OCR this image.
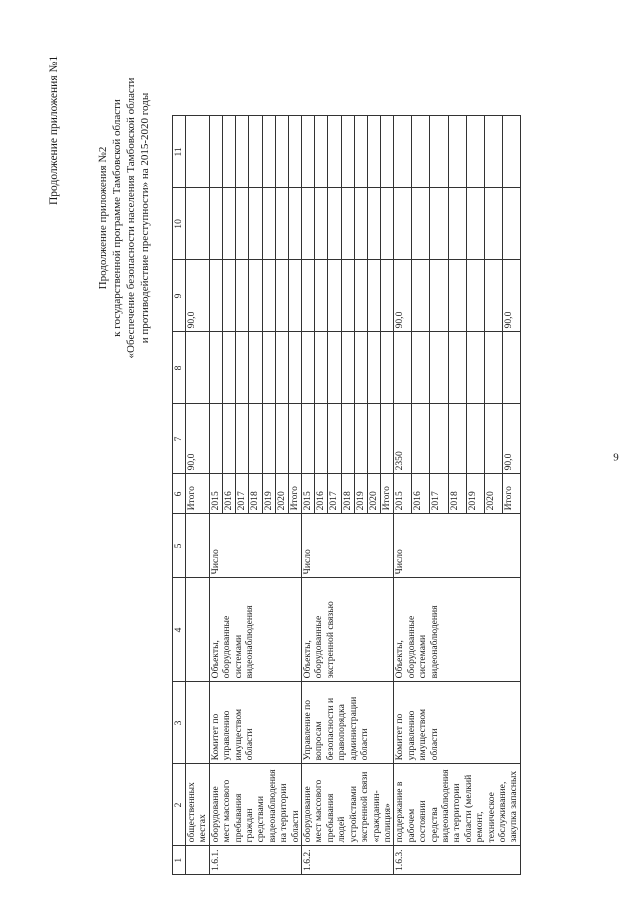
9
Продолжение приложения №1
Продолжение приложения №2 к государственной программе Тамбовской области «Обеспечение безопасности населения Тамбовской области и противодействие преступности» на 2015-2020 годы
1	2	3	4	5	6	7	8	9	10	11
	общественных местах				Итого	90,0		90,0		
1.6.1.	оборудование мест массового пребывания граждан средствами видеонаблюдения на территории области	Комитет по управлению имуществом области	Объекты, оборудованные системами видеонаблюдения	Число	2015					
					2016					
					2017					
					2018					
					2019					
					2020					
					Итого					
1.6.2.	оборудование мест массового пребывания людей устройствами экстренной связи «гражданин-полиция»	Управление по вопросам безопасности и правопорядка администрации области	Объекты, оборудованные экстренной связью	Число	2015					
					2016					
					2017					
					2018					
					2019					
					2020					
					Итого					
1.6.3.	поддержание в рабочем состоянии средства видеонаблюдения на территории области (мелкий ремонт, техническое обслуживание, закупка запасных	Комитет по управлению имуществом области	Объекты, оборудованные системами видеонаблюдения	Число	2015	2350		90,0		
					2016					
					2017					
					2018					
					2019					
					2020					
					Итого	90,0		90,0		
